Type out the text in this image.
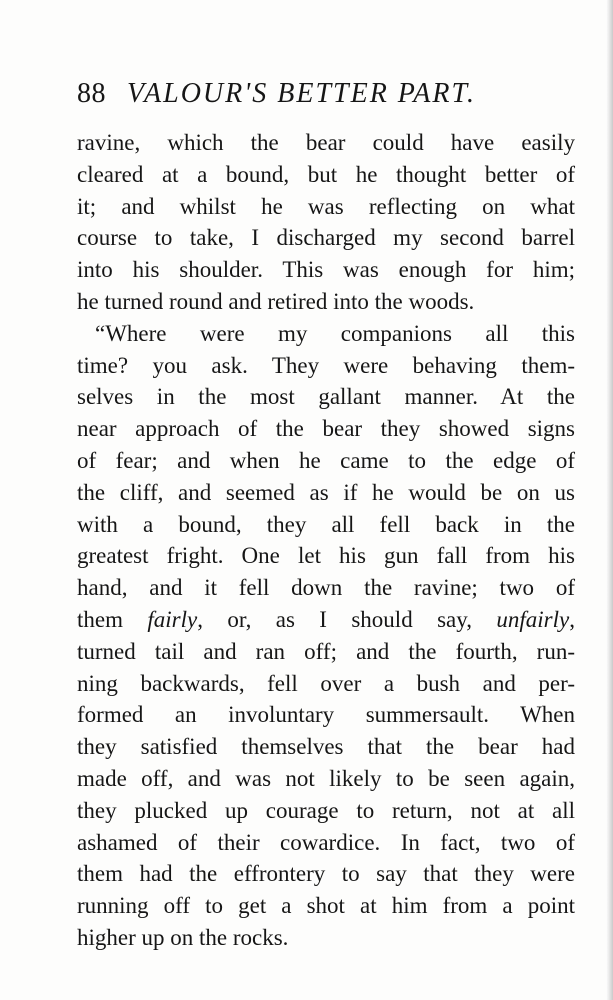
88 VALOUR'S BETTER PART.
ravine, which the bear could have easily
cleared at a bound, but he thought better of
it; and whilst he was reflecting on what
course to take, I discharged my second barrel
into his shoulder. This was enough for him;
he turned round and retired into the woods.
“Where were my companions all this
time? you ask. They were behaving them-
selves in the most gallant manner. At the
near approach of the bear they showed signs
of fear; and when he came to the edge of
the cliff, and seemed as if he would be on us
with a bound, they all fell back in the
greatest fright. One let his gun fall from his
hand, and it fell down the ravine; two of
them fairly, or, as I should say, unfairly,
turned tail and ran off; and the fourth, run-
ning backwards, fell over a bush and per-
formed an involuntary summersault. When
they satisfied themselves that the bear had
made off, and was not likely to be seen again,
they plucked up courage to return, not at all
ashamed of their cowardice. In fact, two of
them had the effrontery to say that they were
running off to get a shot at him from a point
higher up on the rocks.
